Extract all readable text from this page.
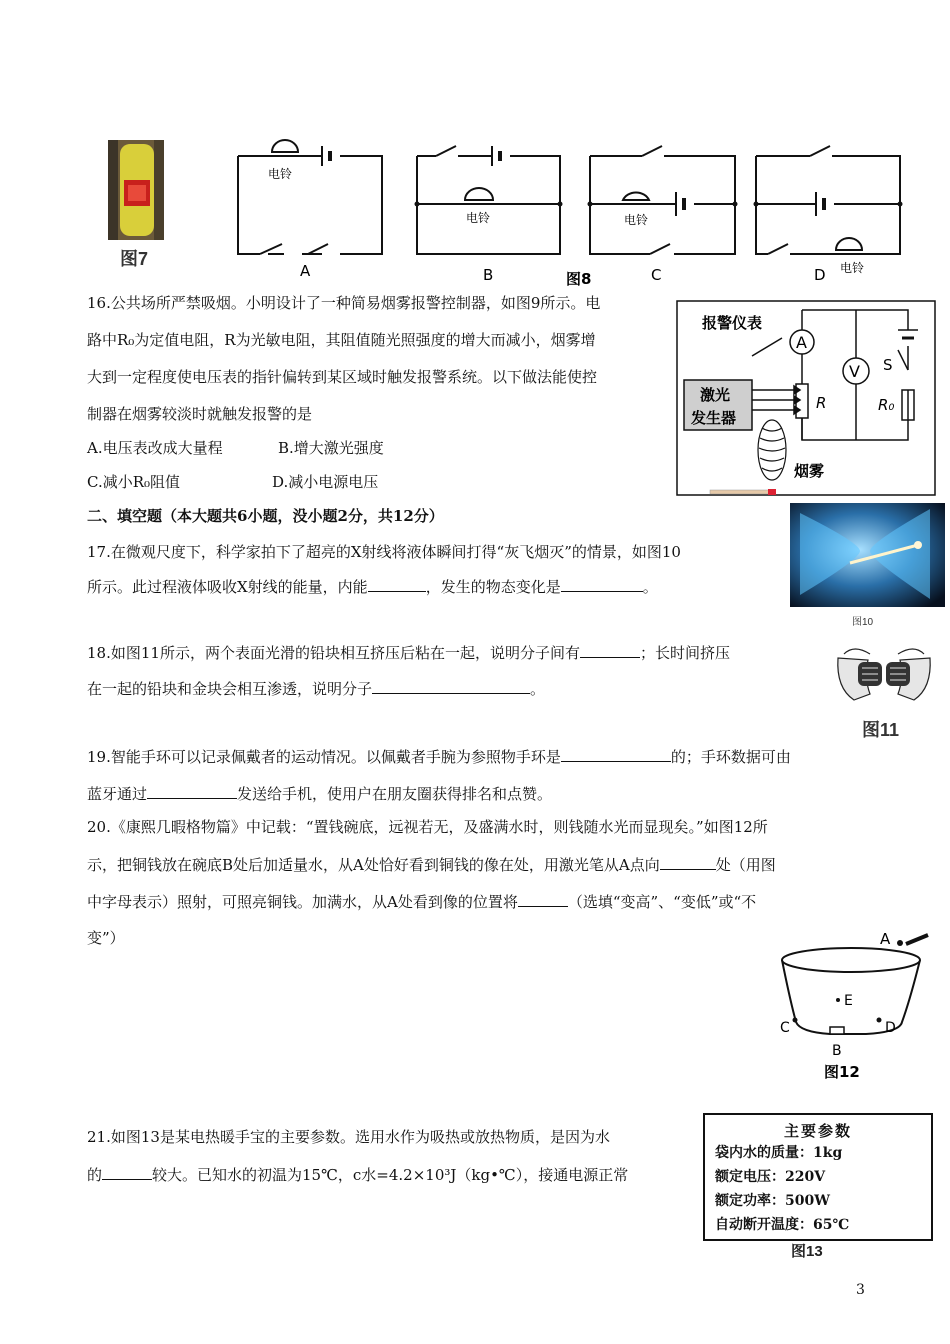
图7
电铃
电铃	电铃
电铃
A	B	图8	C	D
16.公共场所严禁吸烟。小明设计了一种简易烟雾报警控制器，如图9所示。电
路中R₀为定值电阻，R为光敏电阻，其阻值随光照强度的增大而减小，烟雾增
大到一定程度使电压表的指针偏转到某区域时触发报警系统。以下做法能使控
制器在烟雾较淡时就触发报警的是
A.电压表改成大量程	B.增大激光强度
C.减小R₀阻值	D.减小电源电压
A
V
报警仪表
S
R	R₀
激光
发生器
烟雾
二、填空题（本大题共6小题，没小题2分，共12分）
17.在微观尺度下，科学家拍下了超亮的X射线将液体瞬间打得“灰飞烟灭”的情景，如图10
所示。此过程液体吸收X射线的能量，内能	，发生的物态变化是	。
图10
18.如图11所示，两个表面光滑的铅块相互挤压后粘在一起，说明分子间有	；长时间挤压
在一起的铅块和金块会相互渗透，说明分子	。
图11
19.智能手环可以记录佩戴者的运动情况。以佩戴者手腕为参照物手环是	的；手环数据可由
蓝牙通过	发送给手机，使用户在朋友圈获得排名和点赞。
20.《康熙几暇格物篇》中记载：“置钱碗底，远视若无，及盛满水时，则钱随水光而显现矣。”如图12所
示，把铜钱放在碗底B处后加适量水，从A处恰好看到铜钱的像在处，用激光笔从A点向	处（用图
中字母表示）照射，可照亮铜钱。加满水，从A处看到像的位置将	（选填“变高”、“变低”或“不
变”）	A
E
C	D
B
图12
21.如图13是某电热暖手宝的主要参数。选用水作为吸热或放热物质，是因为水
的	较大。已知水的初温为15℃，c水=4.2×10³J（kg•℃），接通电源正常
主要参数
袋内水的质量：1kg
额定电压：220V
额定功率：500W
自动断开温度：65℃
图13
3
